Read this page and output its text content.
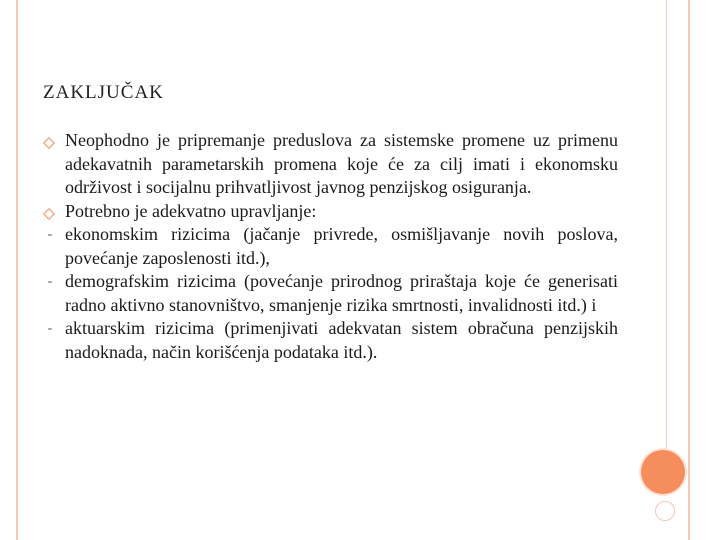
ZAKLJUČAK
Neophodno je pripremanje preduslova za sistemske promene uz primenu adekavatnih parametarskih promena koje će za cilj imati i ekonomsku održivost i socijalnu prihvatljivost javnog penzijskog osiguranja.
Potrebno je adekvatno upravljanje:
- ekonomskim rizicima (jačanje privrede, osmišljavanje novih poslova, povećanje zaposlenosti itd.),
- demografskim rizicima (povećanje prirodnog priraštaja koje će generisati radno aktivno stanovništvo, smanjenje rizika smrtnosti, invalidnosti itd.) i
- aktuarskim rizicima (primenjivati adekvatan sistem obračuna penzijskih nadoknada, način korišćenja podataka itd.).
